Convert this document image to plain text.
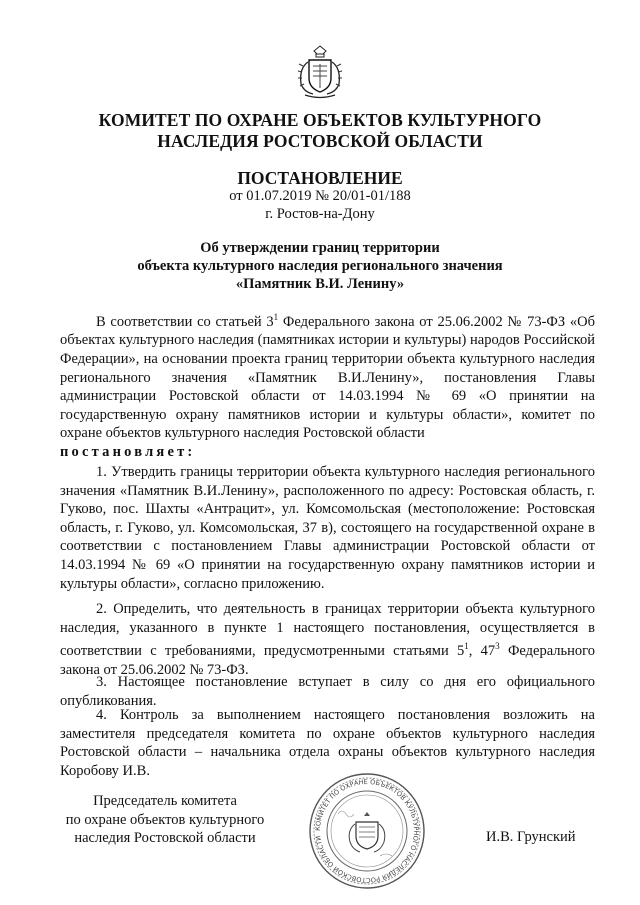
КОМИТЕТ ПО ОХРАНЕ ОБЪЕКТОВ КУЛЬТУРНОГО
НАСЛЕДИЯ РОСТОВСКОЙ ОБЛАСТИ
ПОСТАНОВЛЕНИЕ
от 01.07.2019 № 20/01-01/188
г. Ростов-на-Дону
Об утверждении границ территории
объекта культурного наследия регионального значения
«Памятник В.И. Ленину»
В соответствии со статьей $3^1$ Федерального закона от 25.06.2002 № 73-ФЗ «Об объектах культурного наследия (памятниках истории и культуры) народов Российской Федерации», на основании проекта границ территории объекта культурного наследия регионального значения «Памятник В.И.Ленину», постановления Главы администрации Ростовской области от 14.03.1994 № 69 «О принятии на государственную охрану памятников истории и культуры области», комитет по охране объектов культурного наследия Ростовской области
постановляет:
1. Утвердить границы территории объекта культурного наследия регионального значения «Памятник В.И.Ленину», расположенного по адресу: Ростовская область, г. Гуково, пос. Шахты «Антрацит», ул. Комсомольская (местоположение: Ростовская область, г. Гуково, ул. Комсомольская, 37 в), состоящего на государственной охране в соответствии с постановлением Главы администрации Ростовской области от 14.03.1994 № 69 «О принятии на государственную охрану памятников истории и культуры области», согласно приложению.
2. Определить, что деятельность в границах территории объекта культурного наследия, указанного в пункте 1 настоящего постановления, осуществляется в соответствии с требованиями, предусмотренными статьями $5^1$, $47^3$ Федерального закона от 25.06.2002 № 73-ФЗ.
3. Настоящее постановление вступает в силу со дня его официального опубликования.
4. Контроль за выполнением настоящего постановления возложить на заместителя председателя комитета по охране объектов культурного наследия Ростовской области – начальника отдела охраны объектов культурного наследия Коробову И.В.
Председатель комитета
по охране объектов культурного
наследия Ростовской области
КОМИТЕТ ПО ОХРАНЕ ОБЪЕКТОВ КУЛЬТУРНОГО НАСЛЕДИЯ РОСТОВСКОЙ ОБЛАСТИ	И.В. Грунский
